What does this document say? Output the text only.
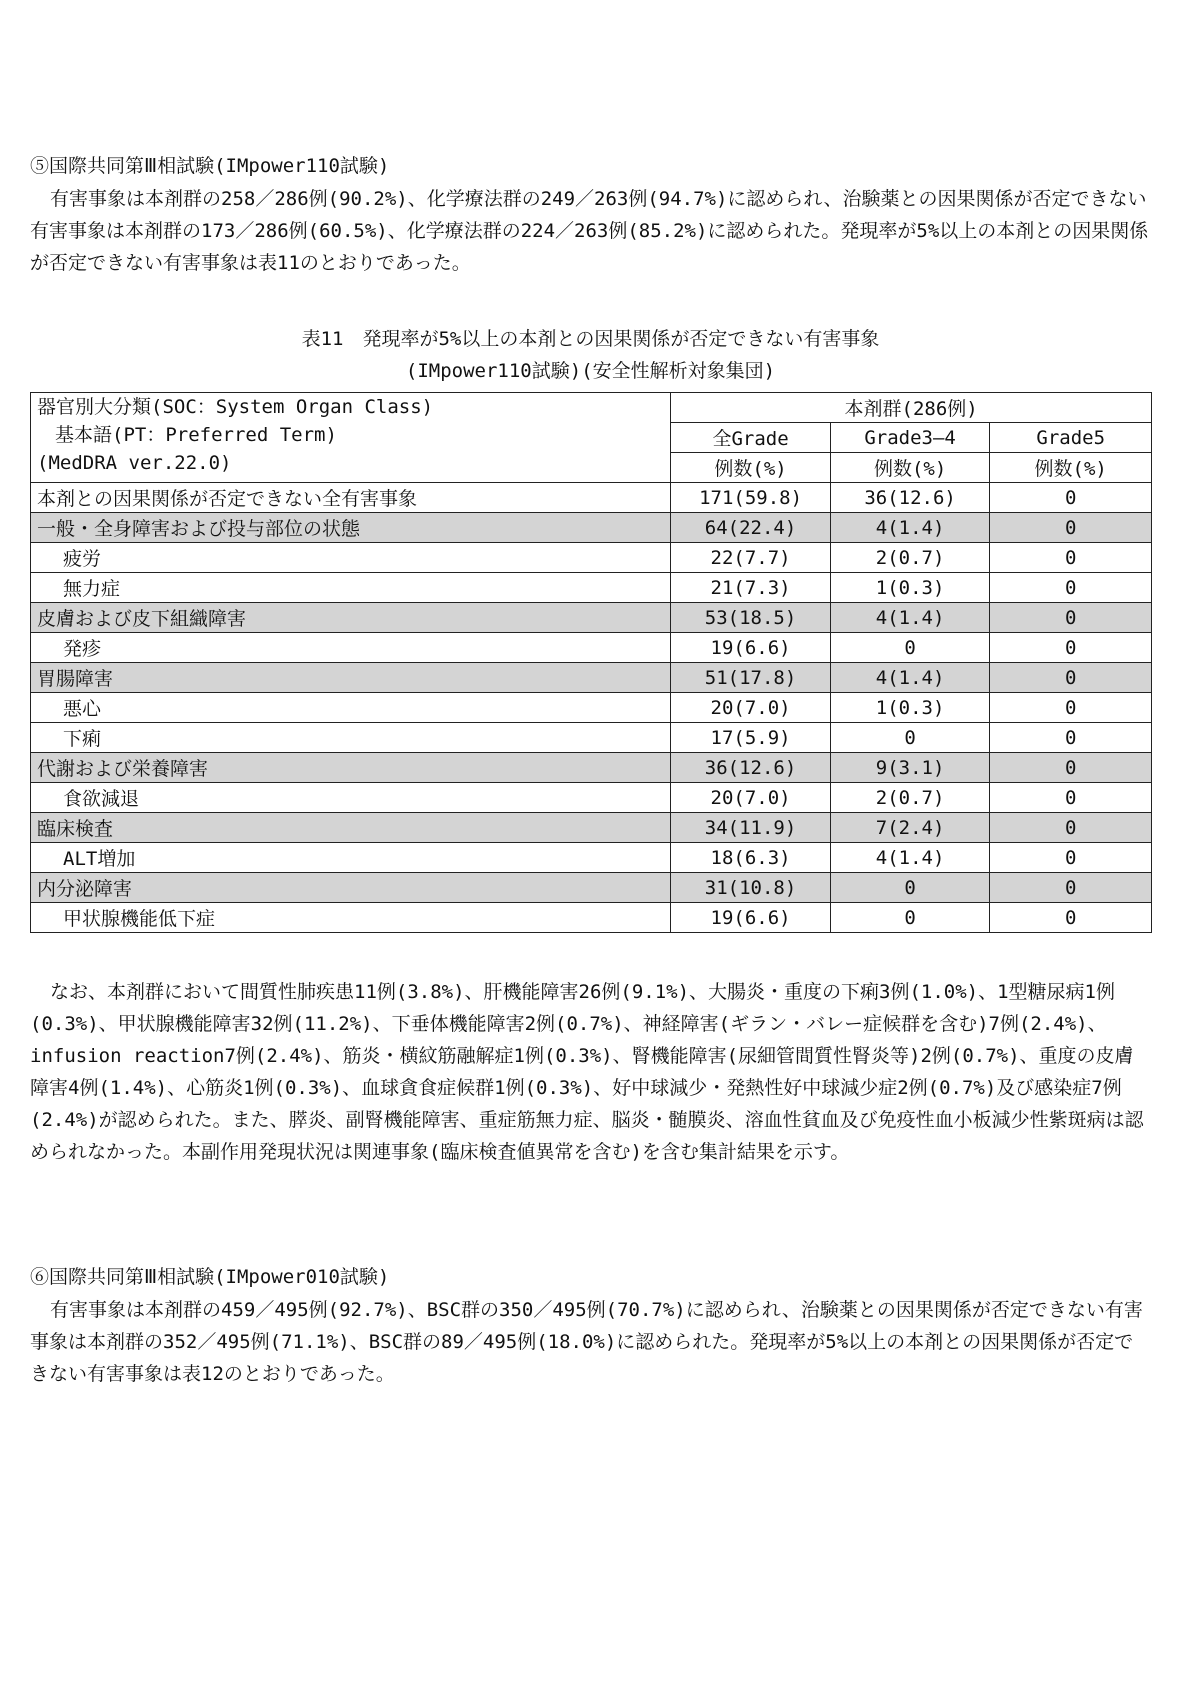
⑤国際共同第Ⅲ相試験(IMpower110試験)
有害事象は本剤群の258／286例(90.2%)、化学療法群の249／263例(94.7%)に認められ、治験薬との因果関係が否定できない有害事象は本剤群の173／286例(60.5%)、化学療法群の224／263例(85.2%)に認められた。発現率が5%以上の本剤との因果関係が否定できない有害事象は表11のとおりであった。
表11　発現率が5%以上の本剤との因果関係が否定できない有害事象
(IMpower110試験)(安全性解析対象集団)
器官別大分類(SOC：System Organ Class)
基本語(PT：Preferred Term)
(MedDRA ver.22.0)	本剤群(286例)		
	全Grade	Grade3―4	Grade5
	例数(%)	例数(%)	例数(%)
本剤との因果関係が否定できない全有害事象	171(59.8)	36(12.6)	0
一般・全身障害および投与部位の状態	64(22.4)	4(1.4)	0
疲労	22(7.7)	2(0.7)	0
無力症	21(7.3)	1(0.3)	0
皮膚および皮下組織障害	53(18.5)	4(1.4)	0
発疹	19(6.6)	0	0
胃腸障害	51(17.8)	4(1.4)	0
悪心	20(7.0)	1(0.3)	0
下痢	17(5.9)	0	0
代謝および栄養障害	36(12.6)	9(3.1)	0
食欲減退	20(7.0)	2(0.7)	0
臨床検査	34(11.9)	7(2.4)	0
ALT増加	18(6.3)	4(1.4)	0
内分泌障害	31(10.8)	0	0
甲状腺機能低下症	19(6.6)	0	0
なお、本剤群において間質性肺疾患11例(3.8%)、肝機能障害26例(9.1%)、大腸炎・重度の下痢3例(1.0%)、1型糖尿病1例(0.3%)、甲状腺機能障害32例(11.2%)、下垂体機能障害2例(0.7%)、神経障害(ギラン・バレー症候群を含む)7例(2.4%)、infusion reaction7例(2.4%)、筋炎・横紋筋融解症1例(0.3%)、腎機能障害(尿細管間質性腎炎等)2例(0.7%)、重度の皮膚障害4例(1.4%)、心筋炎1例(0.3%)、血球貪食症候群1例(0.3%)、好中球減少・発熱性好中球減少症2例(0.7%)及び感染症7例(2.4%)が認められた。また、膵炎、副腎機能障害、重症筋無力症、脳炎・髄膜炎、溶血性貧血及び免疫性血小板減少性紫斑病は認められなかった。本副作用発現状況は関連事象(臨床検査値異常を含む)を含む集計結果を示す。
⑥国際共同第Ⅲ相試験(IMpower010試験)
有害事象は本剤群の459／495例(92.7%)、BSC群の350／495例(70.7%)に認められ、治験薬との因果関係が否定できない有害事象は本剤群の352／495例(71.1%)、BSC群の89／495例(18.0%)に認められた。発現率が5%以上の本剤との因果関係が否定できない有害事象は表12のとおりであった。
